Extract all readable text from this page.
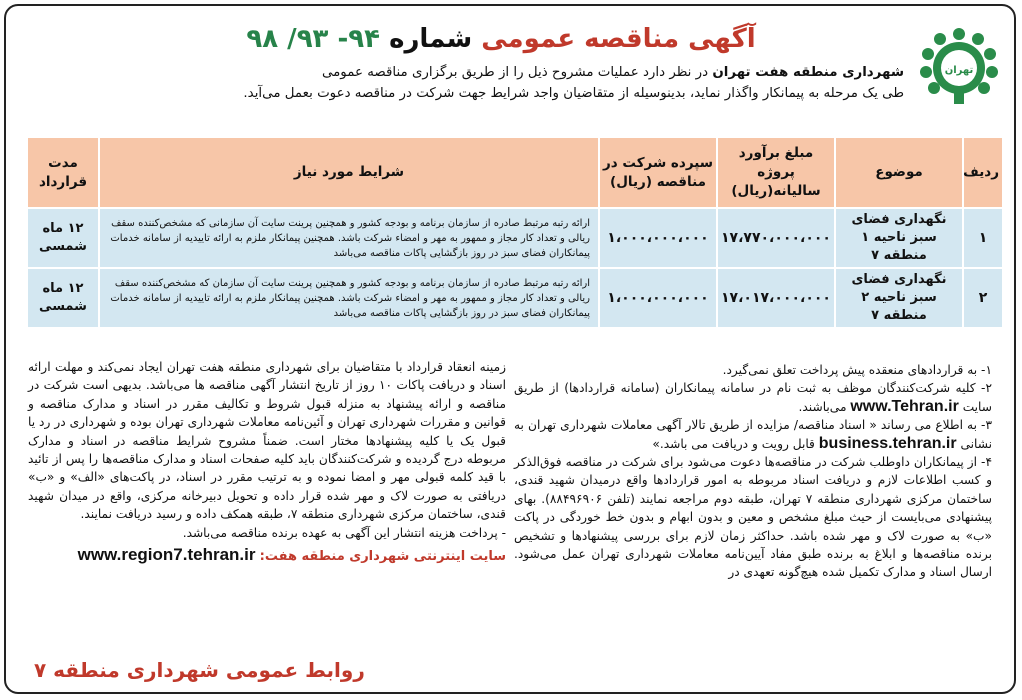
تهران
آگهی مناقصه عمومی شماره ۹۴- ۹۳/ ۹۸
شهرداری منطقه هفت تهران در نظر دارد عملیات مشروح ذیل را از طریق برگزاری مناقصه عمومی
طی یک مرحله به پیمانکار واگذار نماید، بدینوسیله از متقاضیان واجد شرایط جهت شرکت در مناقصه دعوت بعمل می‌آید.
ردیف	موضوع	مبلغ برآورد پروژه سالیانه(ریال)	سپرده شرکت در مناقصه (ریال)	شرایط مورد نیاز	مدت قرارداد
۱	نگهداری فضای سبز ناحیه ۱ منطقه ۷	۱۷،۷۷۰،۰۰۰،۰۰۰	۱،۰۰۰،۰۰۰،۰۰۰	ارائه رتبه مرتبط صادره از سازمان برنامه و بودجه کشور و همچنین پرینت سایت آن سازمانی که مشخص‌کننده سقف ریالی و تعداد کار مجاز و ممهور به مهر و امضاء شرکت باشد. همچنین پیمانکار ملزم به ارائه تاییدیه از سامانه خدمات پیمانکاران فضای سبز در روز بازگشایی پاکات مناقصه می‌باشد	۱۲ ماه شمسی
۲	نگهداری فضای سبز ناحیه ۲ منطقه ۷	۱۷،۰۱۷،۰۰۰،۰۰۰	۱،۰۰۰،۰۰۰،۰۰۰	ارائه رتبه مرتبط صادره از سازمان برنامه و بودجه کشور و همچنین پرینت سایت آن سازمان که مشخص‌کننده سقف ریالی و تعداد کار مجاز و ممهور به مهر و امضاء شرکت باشد. همچنین پیمانکار ملزم به ارائه تاییدیه از سامانه خدمات پیمانکاران فضای سبز در روز بازگشایی پاکات مناقصه می‌باشد	۱۲ ماه شمسی

۱- به قراردادهای منعقده پیش پرداخت تعلق نمی‌گیرد.

۲- کلیه شرکت‌کنندگان موظف به ثبت نام در سامانه پیمانکاران (سامانه قراردادها) از طریق سایت www.Tehran.ir می‌باشند.

۳- به اطلاع می رساند « اسناد مناقصه/ مزایده از طریق تالار آگهی معاملات شهرداری تهران به نشانی business.tehran.ir قابل رویت و دریافت می باشد.»

۴- از پیمانکاران داوطلب شرکت در مناقصه‌ها دعوت می‌شود برای شرکت در مناقصه فوق‌الذکر و کسب اطلاعات لازم و دریافت اسناد مربوطه به امور قراردادها واقع درمیدان شهید قندی، ساختمان مرکزی شهرداری منطقه ۷ تهران، طبقه دوم مراجعه نمایند (تلفن ۸۸۴۹۶۹۰۶). بهای پیشنهادی می‌بایست از حیث مبلغ مشخص و معین و بدون ابهام و بدون خط خوردگی در پاکت «ب» به صورت لاک و مهر شده باشد. حداکثر زمان لازم برای بررسی پیشنهادها و تشخیص برنده مناقصه‌ها و ابلاغ به برنده طبق مفاد آیین‌نامه معاملات شهرداری تهران عمل می‌شود. ارسال اسناد و مدارک تکمیل شده هیچ‌گونه تعهدی در

زمینه انعقاد قرارداد با متقاضیان برای شهرداری منطقه هفت تهران ایجاد نمی‌کند و مهلت ارائه اسناد و دریافت پاکات ۱۰ روز از تاریخ انتشار آگهی مناقصه ها می‌باشد. بدیهی است شرکت در مناقصه و ارائه پیشنهاد به منزله قبول شروط و تکالیف مقرر در اسناد و مدارک مناقصه و قوانین و مقررات شهرداری تهران و آئین‌نامه معاملات شهرداری تهران بوده و شهرداری در رد یا قبول یک یا کلیه پیشنهادها مختار است. ضمناً مشروح شرایط مناقصه در اسناد و مدارک مربوطه درج گردیده و شرکت‌کنندگان باید کلیه صفحات اسناد و مدارک مناقصه‌ها را پس از تائید با قید کلمه قبولی مهر و امضا نموده و به ترتیب مقرر در اسناد، در پاکت‌های «الف» و «ب» دریافتی به صورت لاک و مهر شده قرار داده و تحویل دبیرخانه مرکزی، واقع در میدان شهید قندی، ساختمان مرکزی شهرداری منطقه ۷، طبقه همکف داده و رسید دریافت نمایند.

- پرداخت هزینه انتشار این آگهی به عهده برنده مناقصه می‌باشد.

سایت اینترنتی شهرداری منطقه هفت: www.region7.tehran.ir
روابط عمومی شهرداری منطقه ۷
